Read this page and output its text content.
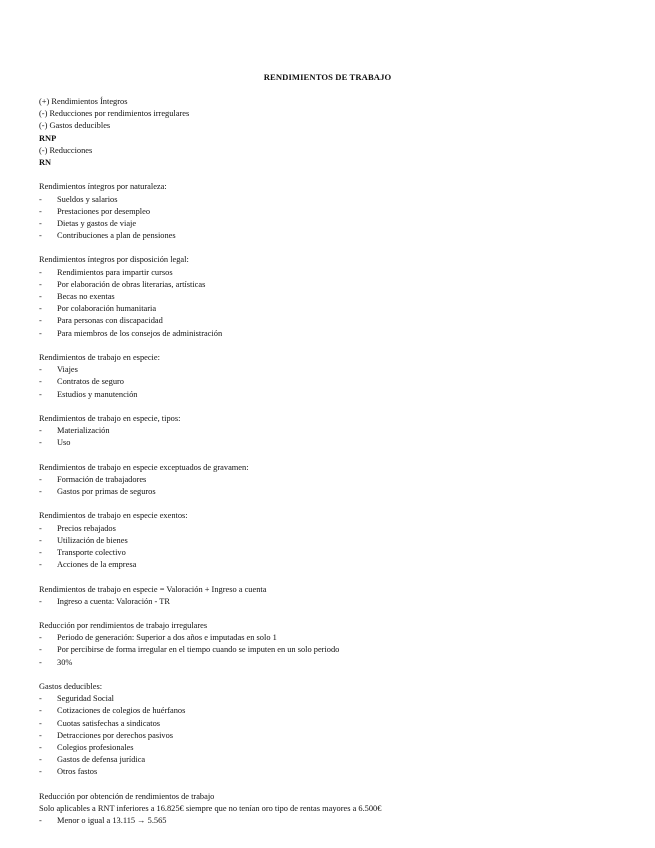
RENDIMIENTOS DE TRABAJO
(+) Rendimientos Íntegros
(-) Reducciones por rendimientos irregulares
(-) Gastos deducibles
RNP
(-) Reducciones
RN
Rendimientos íntegros por naturaleza:
- Sueldos y salarios
- Prestaciones por desempleo
- Dietas y gastos de viaje
- Contribuciones a plan de pensiones
Rendimientos íntegros por disposición legal:
- Rendimientos para impartir cursos
- Por elaboración de obras literarias, artísticas
- Becas no exentas
- Por colaboración humanitaria
- Para personas con discapacidad
- Para miembros de los consejos de administración
Rendimientos de trabajo en especie:
- Viajes
- Contratos de seguro
- Estudios y manutención
Rendimientos de trabajo en especie, tipos:
- Materialización
- Uso
Rendimientos de trabajo en especie exceptuados de gravamen:
- Formación de trabajadores
- Gastos por primas de seguros
Rendimientos de trabajo en especie exentos:
- Precios rebajados
- Utilización de bienes
- Transporte colectivo
- Acciones de la empresa
Rendimientos de trabajo en especie = Valoración + Ingreso a cuenta
- Ingreso a cuenta: Valoración - TR
Reducción por rendimientos de trabajo irregulares
- Periodo de generación: Superior a dos años e imputadas en solo 1
- Por percibirse de forma irregular en el tiempo cuando se imputen en un solo periodo
- 30%
Gastos deducibles:
- Seguridad Social
- Cotizaciones de colegios de huérfanos
- Cuotas satisfechas a sindicatos
- Detracciones por derechos pasivos
- Colegios profesionales
- Gastos de defensa jurídica
- Otros fastos
Reducción por obtención de rendimientos de trabajo
Solo aplicables a RNT inferiores a 16.825€ siempre que no tenían oro tipo de rentas mayores a 6.500€
- Menor o igual a 13.115 → 5.565
